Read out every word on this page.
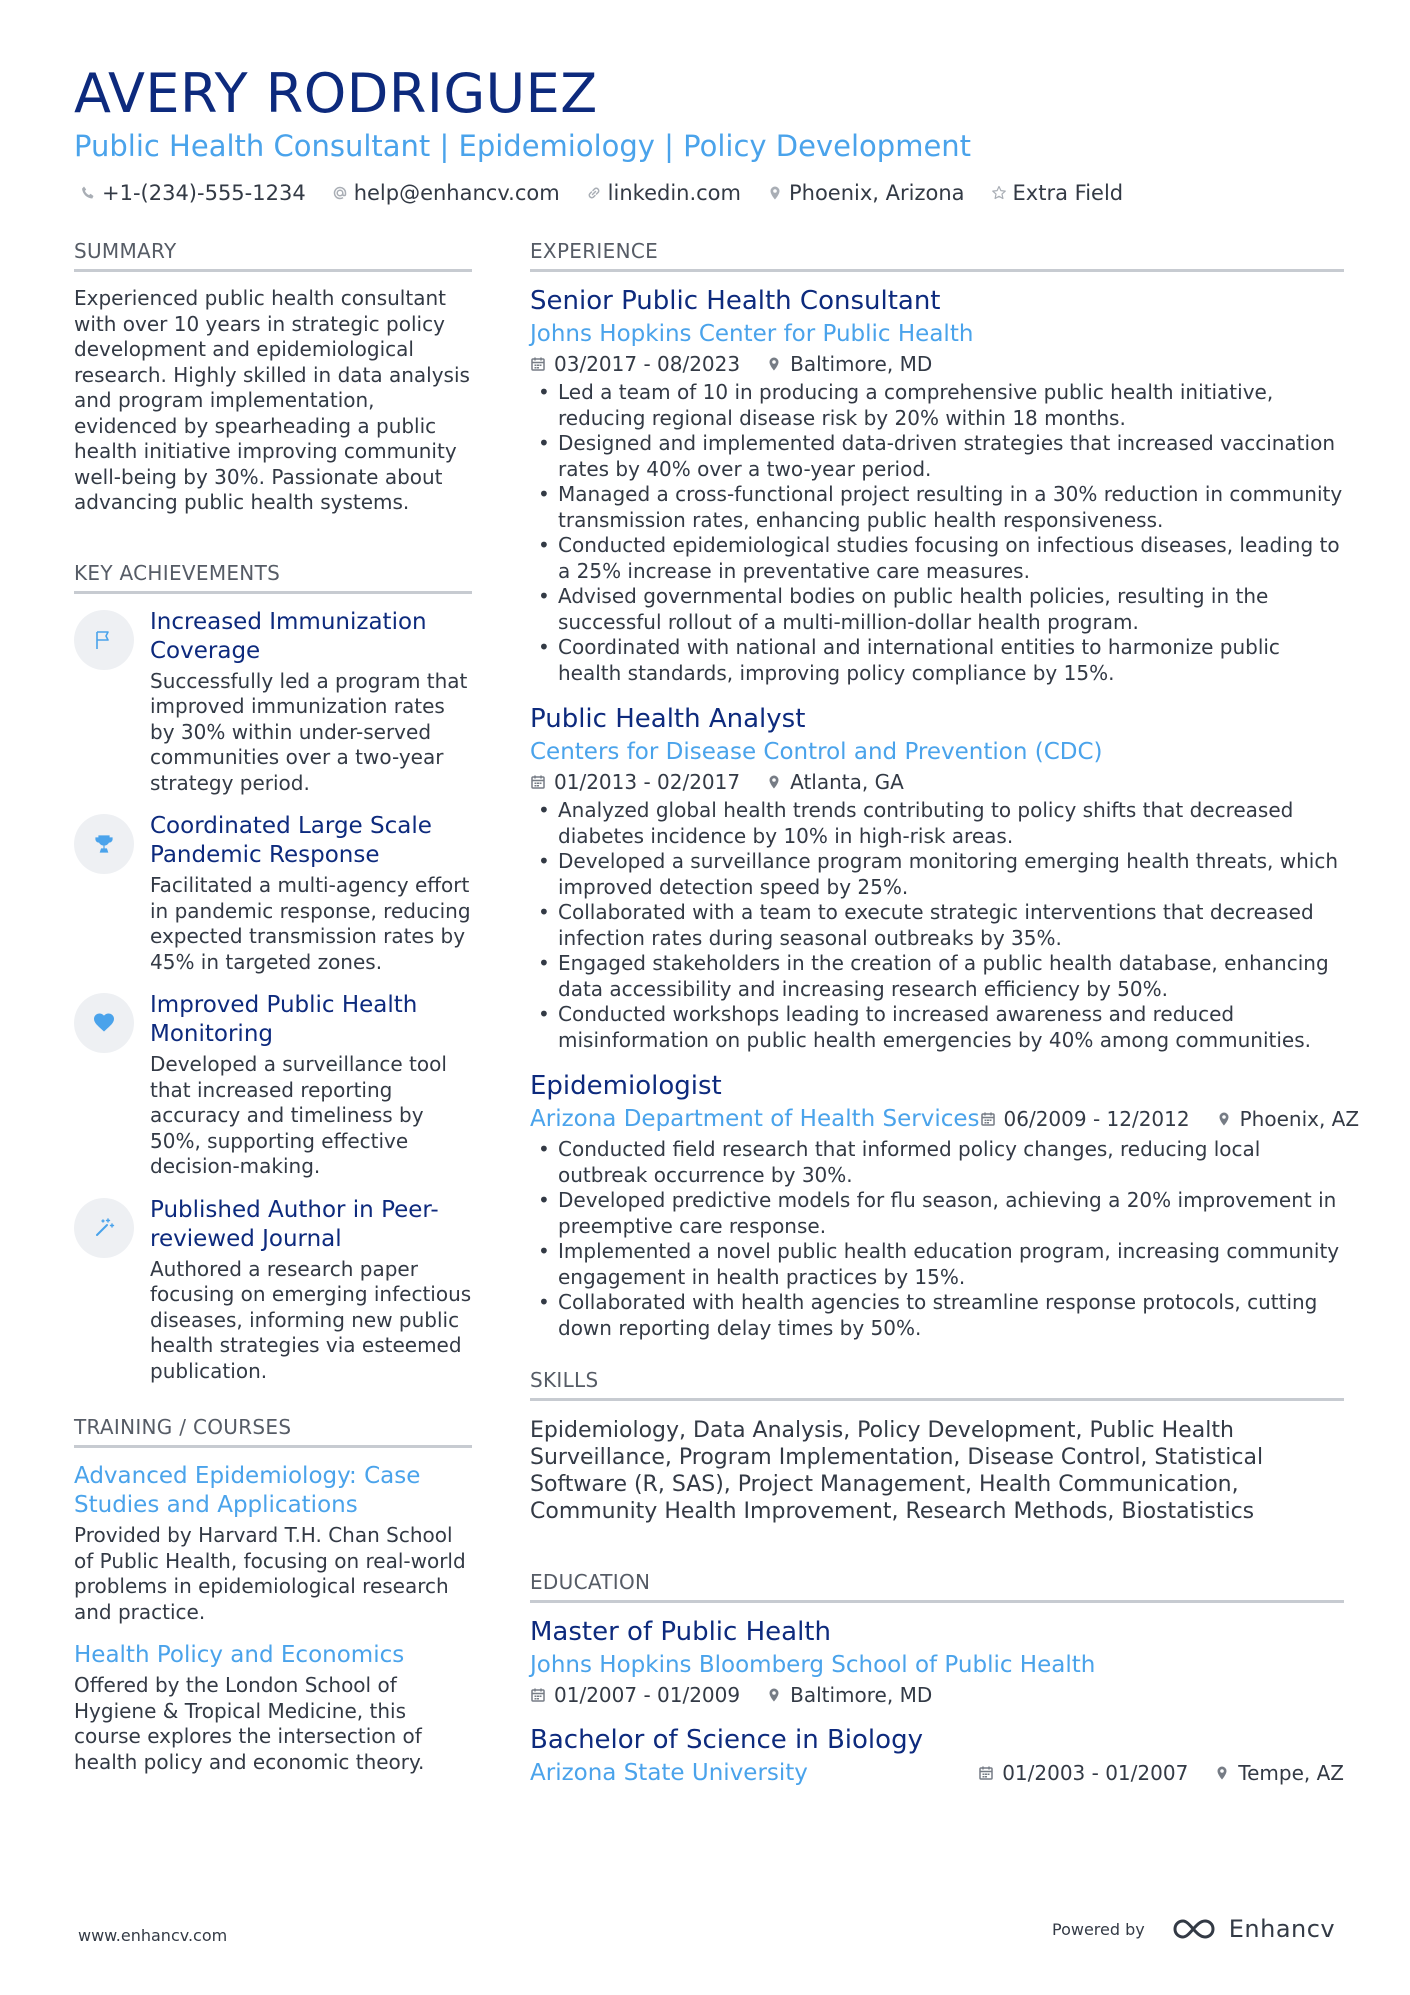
AVERY RODRIGUEZ
Public Health Consultant | Epidemiology | Policy Development
+1-(234)-555-1234 help@enhancv.com linkedin.com Phoenix, Arizona Extra Field
SUMMARY
Experienced public health consultant with over 10 years in strategic policy development and epidemiological research. Highly skilled in data analysis and program implementation, evidenced by spearheading a public health initiative improving community well-being by 30%. Passionate about advancing public health systems.
KEY ACHIEVEMENTS
Increased Immunization Coverage
Successfully led a program that improved immunization rates by 30% within under-served communities over a two-year strategy period.
Coordinated Large Scale Pandemic Response
Facilitated a multi-agency effort in pandemic response, reducing expected transmission rates by 45% in targeted zones.
Improved Public Health Monitoring
Developed a surveillance tool that increased reporting accuracy and timeliness by 50%, supporting effective decision-making.
Published Author in Peer-reviewed Journal
Authored a research paper focusing on emerging infectious diseases, informing new public health strategies via esteemed publication.
TRAINING / COURSES
Advanced Epidemiology: Case Studies and Applications
Provided by Harvard T.H. Chan School of Public Health, focusing on real-world problems in epidemiological research and practice.
Health Policy and Economics
Offered by the London School of Hygiene & Tropical Medicine, this course explores the intersection of health policy and economic theory.
EXPERIENCE
Senior Public Health Consultant
Johns Hopkins Center for Public Health
03/2017 - 08/2023	Baltimore, MD
• Led a team of 10 in producing a comprehensive public health initiative, reducing regional disease risk by 20% within 18 months.
• Designed and implemented data-driven strategies that increased vaccination rates by 40% over a two-year period.
• Managed a cross-functional project resulting in a 30% reduction in community transmission rates, enhancing public health responsiveness.
• Conducted epidemiological studies focusing on infectious diseases, leading to a 25% increase in preventative care measures.
• Advised governmental bodies on public health policies, resulting in the successful rollout of a multi-million-dollar health program.
• Coordinated with national and international entities to harmonize public health standards, improving policy compliance by 15%.
Public Health Analyst
Centers for Disease Control and Prevention (CDC)
01/2013 - 02/2017	Atlanta, GA
• Analyzed global health trends contributing to policy shifts that decreased diabetes incidence by 10% in high-risk areas.
• Developed a surveillance program monitoring emerging health threats, which improved detection speed by 25%.
• Collaborated with a team to execute strategic interventions that decreased infection rates during seasonal outbreaks by 35%.
• Engaged stakeholders in the creation of a public health database, enhancing data accessibility and increasing research efficiency by 50%.
• Conducted workshops leading to increased awareness and reduced misinformation on public health emergencies by 40% among communities.
Epidemiologist
Arizona Department of Health Services 06/2009 - 12/2012	Phoenix, AZ
• Conducted field research that informed policy changes, reducing local outbreak occurrence by 30%.
• Developed predictive models for flu season, achieving a 20% improvement in preemptive care response.
• Implemented a novel public health education program, increasing community engagement in health practices by 15%.
• Collaborated with health agencies to streamline response protocols, cutting down reporting delay times by 50%.
SKILLS
Epidemiology, Data Analysis, Policy Development, Public Health Surveillance, Program Implementation, Disease Control, Statistical Software (R, SAS), Project Management, Health Communication, Community Health Improvement, Research Methods, Biostatistics
EDUCATION
Master of Public Health
Johns Hopkins Bloomberg School of Public Health
01/2007 - 01/2009	Baltimore, MD
Bachelor of Science in Biology
Arizona State University	01/2003 - 01/2007	Tempe, AZ
www.enhancv.com	Powered by	Enhancv
